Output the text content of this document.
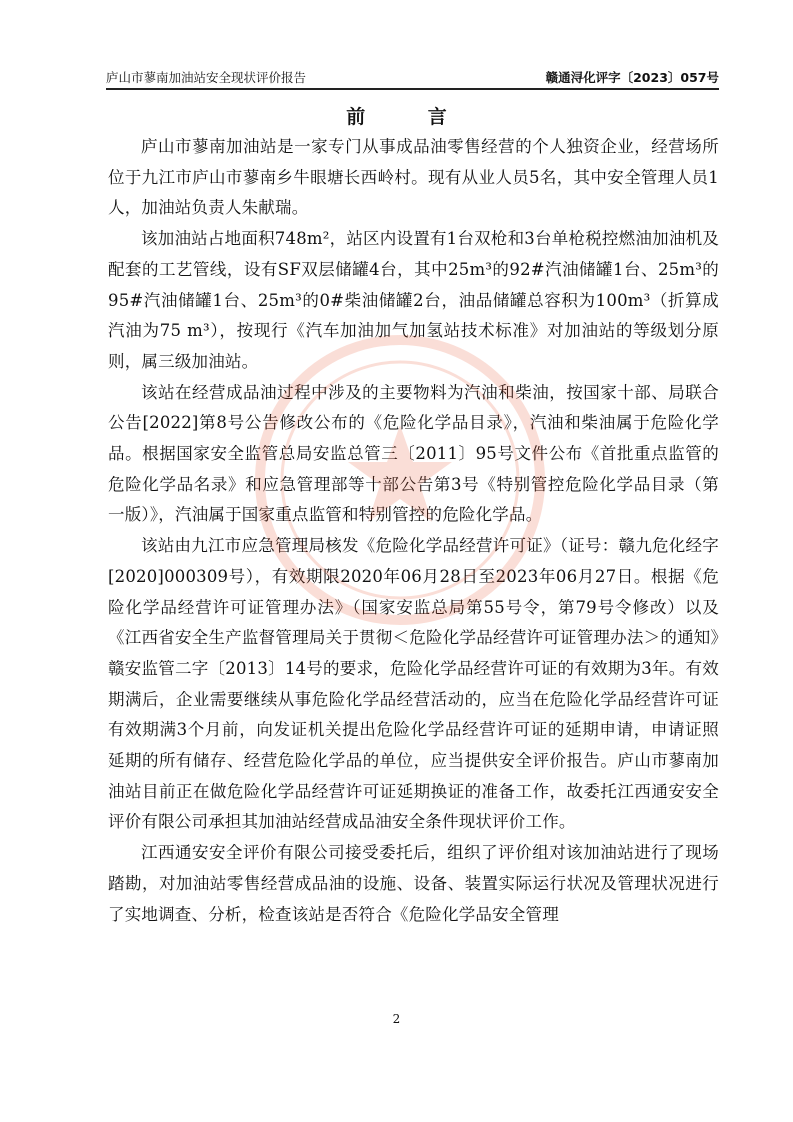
庐山市蓼南加油站安全现状评价报告	赣通浔化评字〔2023〕057号
前 言

庐山市蓼南加油站是一家专门从事成品油零售经营的个人独资企业，经营场所位于九江市庐山市蓼南乡牛眼塘长西岭村。现有从业人员5名，其中安全管理人员1人，加油站负责人朱献瑞。

该加油站占地面积748m²，站区内设置有1台双枪和3台单枪税控燃油加油机及配套的工艺管线，设有SF双层储罐4台，其中25m³的92#汽油储罐1台、25m³的95#汽油储罐1台、25m³的0#柴油储罐2台，油品储罐总容积为100m³（折算成汽油为75 m³），按现行《汽车加油加气加氢站技术标准》对加油站的等级划分原则，属三级加油站。

该站在经营成品油过程中涉及的主要物料为汽油和柴油，按国家十部、局联合公告[2022]第8号公告修改公布的《危险化学品目录》，汽油和柴油属于危险化学品。根据国家安全监管总局安监总管三〔2011〕95号文件公布《首批重点监管的危险化学品名录》和应急管理部等十部公告第3号《特别管控危险化学品目录（第一版）》，汽油属于国家重点监管和特别管控的危险化学品。

该站由九江市应急管理局核发《危险化学品经营许可证》（证号：赣九危化经字[2020]000309号），有效期限2020年06月28日至2023年06月27日。根据《危险化学品经营许可证管理办法》（国家安监总局第55号令，第79号令修改）以及《江西省安全生产监督管理局关于贯彻＜危险化学品经营许可证管理办法＞的通知》赣安监管二字〔2013〕14号的要求，危险化学品经营许可证的有效期为3年。有效期满后，企业需要继续从事危险化学品经营活动的，应当在危险化学品经营许可证有效期满3个月前，向发证机关提出危险化学品经营许可证的延期申请，申请证照延期的所有储存、经营危险化学品的单位，应当提供安全评价报告。庐山市蓼南加油站目前正在做危险化学品经营许可证延期换证的准备工作，故委托江西通安安全评价有限公司承担其加油站经营成品油安全条件现状评价工作。

江西通安安全评价有限公司接受委托后，组织了评价组对该加油站进行了现场踏勘，对加油站零售经营成品油的设施、设备、装置实际运行状况及管理状况进行了实地调查、分析，检查该站是否符合《危险化学品安全管理

2
